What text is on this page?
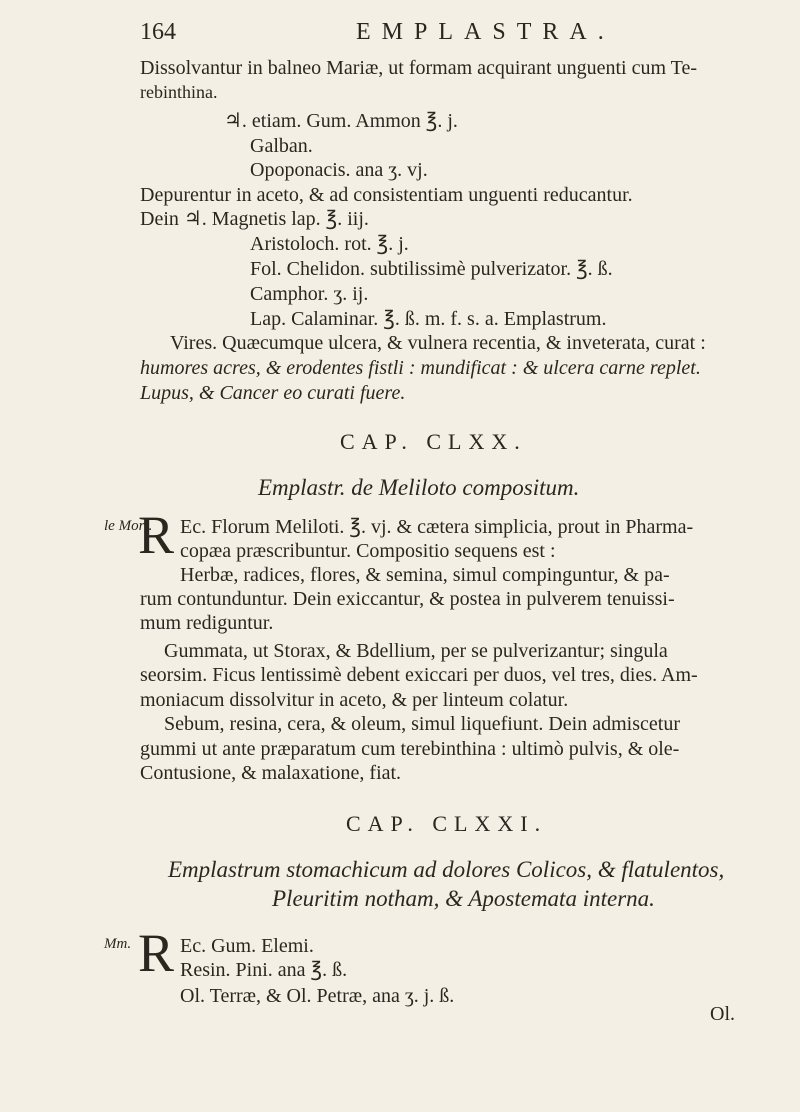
164	EMPLASTRA.
Dissolvantur in balneo Mariæ, ut formam acquirant unguenti cum Te-
rebinthina.
♃. etiam. Gum. Ammon ℥. j.
Galban.
Opoponacis. ana ʒ. vj.
Depurentur in aceto, & ad consistentiam unguenti reducantur.
Dein ♃. Magnetis lap. ℥. iij.
Aristoloch. rot. ℥. j.
Fol. Chelidon. subtilissimè pulverizator. ℥. ß.
Camphor. ʒ. ij.
Lap. Calaminar. ℥. ß. m. f. s. a. Emplastrum.
Vires. Quæcumque ulcera, & vulnera recentia, & inveterata, curat :
humores acres, & erodentes fistli : mundificat : & ulcera carne replet.
Lupus, & Cancer eo curati fuere.
CAP. CLXX.
Emplastr. de Meliloto compositum.
le Mort.
R Ec. Florum Meliloti. ℥. vj. & cætera simplicia, prout in Pharma-
copæa præscribuntur. Compositio sequens est :
Herbæ, radices, flores, & semina, simul compinguntur, & pa-
rum contunduntur. Dein exiccantur, & postea in pulverem tenuissi-
mum rediguntur.
Gummata, ut Storax, & Bdellium, per se pulverizantur; singula
seorsim. Ficus lentissimè debent exiccari per duos, vel tres, dies. Am-
moniacum dissolvitur in aceto, & per linteum colatur.
Sebum, resina, cera, & oleum, simul liquefiunt. Dein admiscetur
gummi ut ante præparatum cum terebinthina : ultimò pulvis, & ole-
Contusione, & malaxatione, fiat.
CAP. CLXXI.
Emplastrum stomachicum ad dolores Colicos, & flatulentos,
Pleuritim notham, & Apostemata interna.
Mm. R Ec. Gum. Elemi.
Resin. Pini. ana ℥. ß.
Ol. Terræ, & Ol. Petræ, ana ʒ. j. ß.
Ol.
